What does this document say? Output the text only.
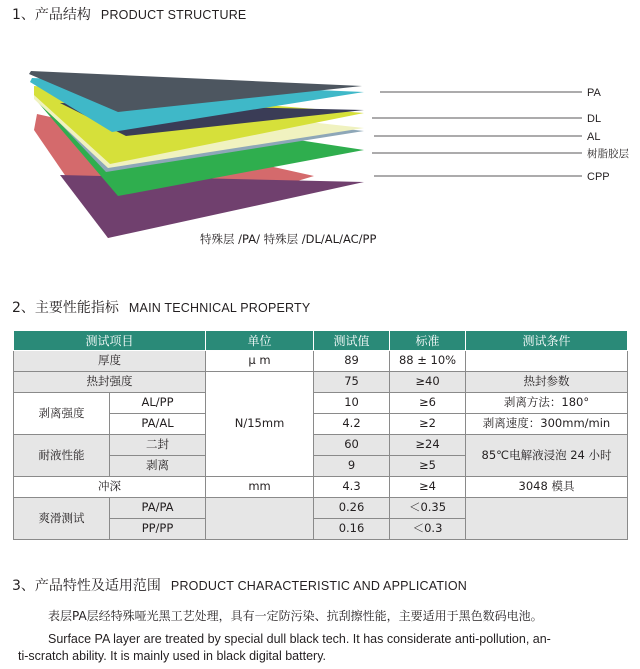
1、产品结构 PRODUCT STRUCTURE
PA
DL
AL
树脂胶层
CPP
特殊层 /PA/ 特殊层 /DL/AL/AC/PP
2、主要性能指标 MAIN TECHNICAL PROPERTY
测试项目		单位	测试值	标准	测试条件
厚度		μ m	89	88 ± 10%	
热封强度		N/15mm	75	≥40	热封参数
剥离强度	AL/PP		10	≥6	剥离方法：180°
	PA/AL		4.2	≥2	剥离速度：300mm/min
耐液性能	二封		60	≥24	85℃电解液浸泡 24 小时
	剥离		9	≥5	
冲深		mm	4.3	≥4	3048 模具
爽滑测试	PA/PA		0.26	＜0.35	
	PP/PP		0.16	＜0.3	
3、产品特性及适用范围 PRODUCT CHARACTERISTIC AND APPLICATION
表层PA层经特殊哑光黑工艺处理，具有一定防污染、抗刮擦性能，主要适用于黑色数码电池。
Surface PA layer are treated by special dull black tech. It has considerate anti-pollution, an-
ti-scratch ability. It is mainly used in black digital battery.
